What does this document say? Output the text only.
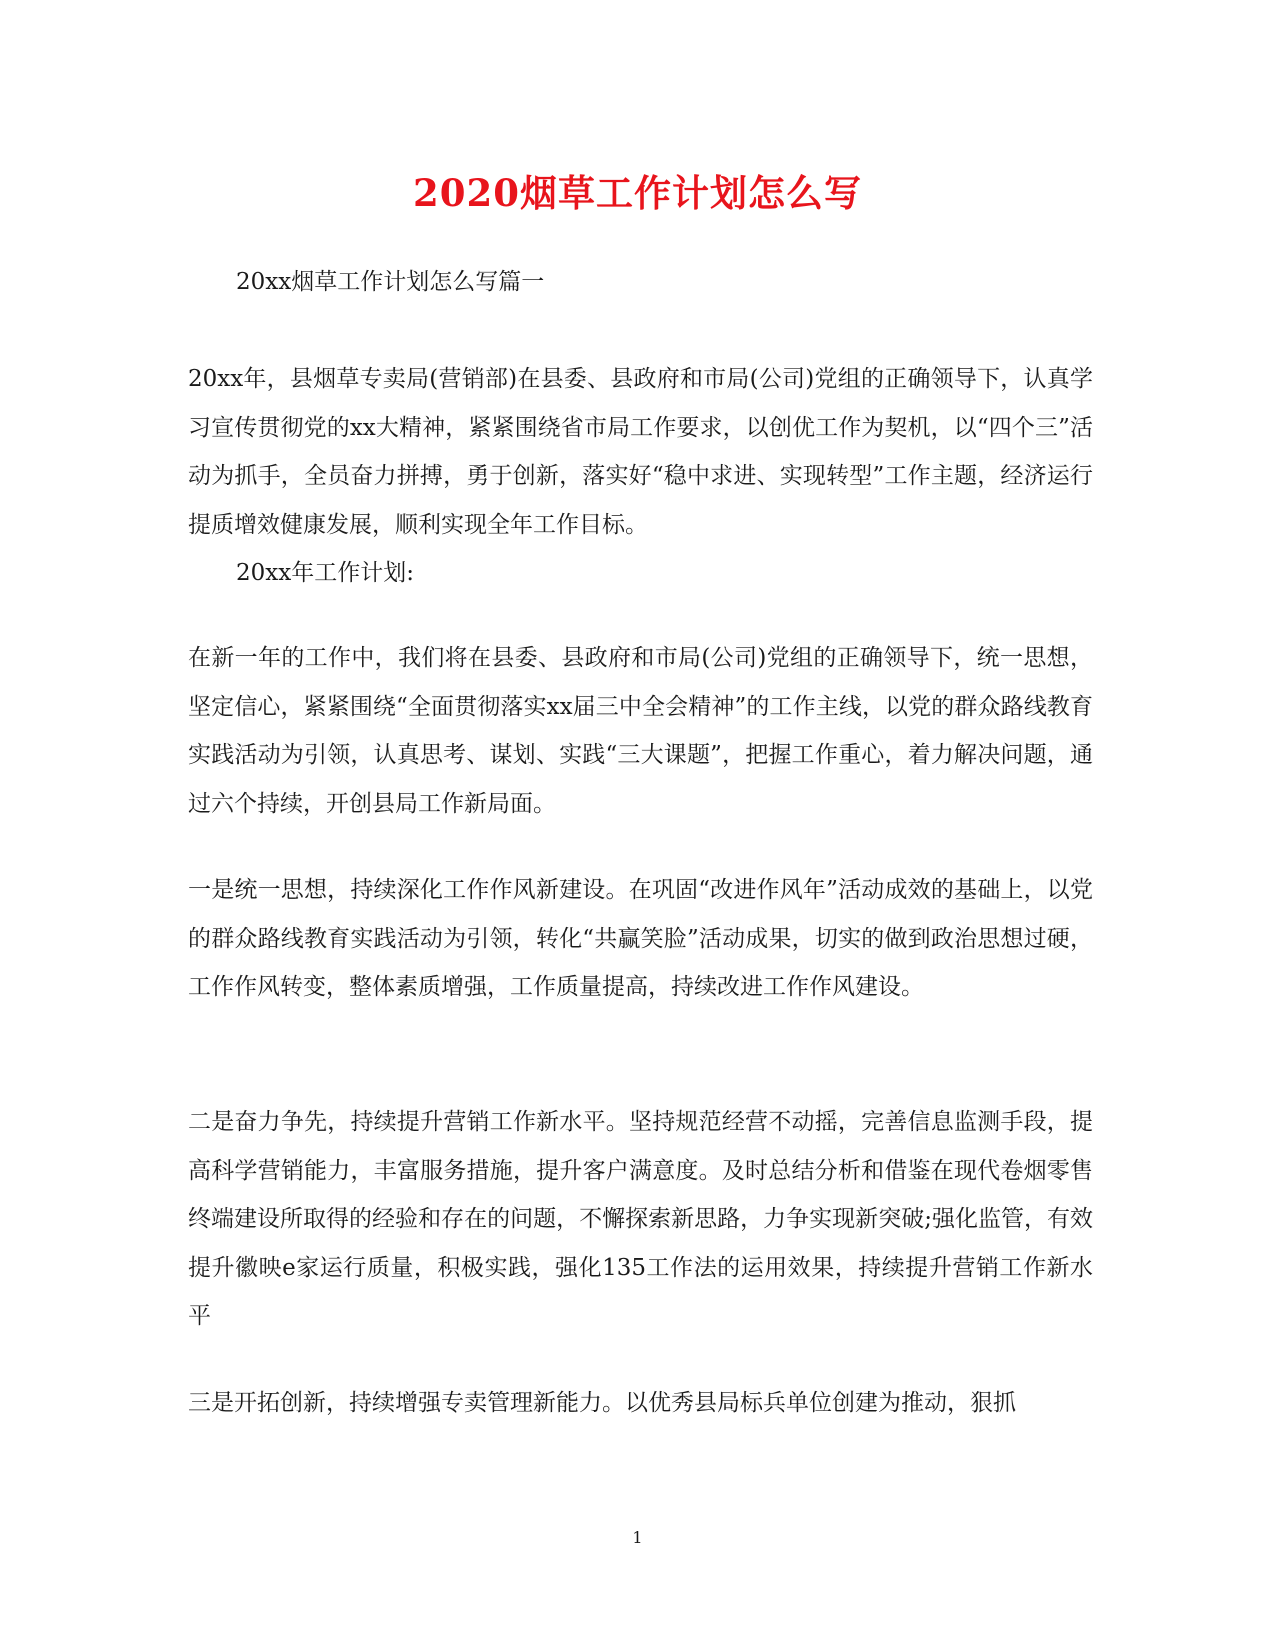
2020烟草工作计划怎么写

20xx烟草工作计划怎么写篇一

20xx年，县烟草专卖局(营销部)在县委、县政府和市局(公司)党组的正确领导下，认真学习宣传贯彻党的xx大精神，紧紧围绕省市局工作要求，以创优工作为契机，以“四个三”活动为抓手，全员奋力拼搏，勇于创新，落实好“稳中求进、实现转型”工作主题，经济运行提质增效健康发展，顺利实现全年工作目标。

20xx年工作计划:

在新一年的工作中，我们将在县委、县政府和市局(公司)党组的正确领导下，统一思想，坚定信心，紧紧围绕“全面贯彻落实xx届三中全会精神”的工作主线，以党的群众路线教育实践活动为引领，认真思考、谋划、实践“三大课题”，把握工作重心，着力解决问题，通过六个持续，开创县局工作新局面。

一是统一思想，持续深化工作作风新建设。在巩固“改进作风年”活动成效的基础上，以党的群众路线教育实践活动为引领，转化“共赢笑脸”活动成果，切实的做到政治思想过硬，工作作风转变，整体素质增强，工作质量提高，持续改进工作作风建设。

二是奋力争先，持续提升营销工作新水平。坚持规范经营不动摇，完善信息监测手段，提高科学营销能力，丰富服务措施，提升客户满意度。及时总结分析和借鉴在现代卷烟零售终端建设所取得的经验和存在的问题，不懈探索新思路，力争实现新突破;强化监管，有效提升徽映e家运行质量，积极实践，强化135工作法的运用效果，持续提升营销工作新水平

三是开拓创新，持续增强专卖管理新能力。以优秀县局标兵单位创建为推动，狠抓

1
